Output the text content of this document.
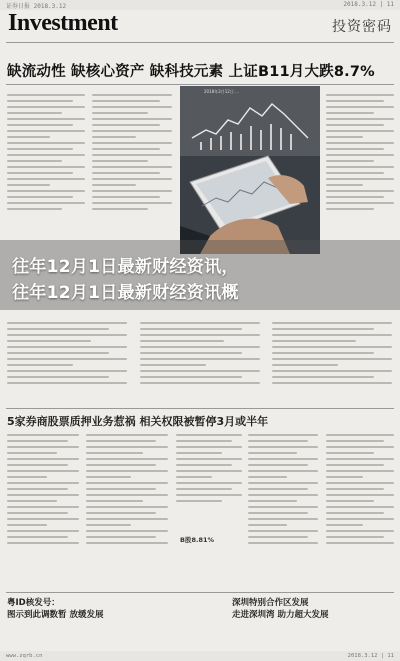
证券日报 2018.3.12	2018.3.12 | 11
Investment	投资密码
缺流动性 缺核心资产 缺科技元素 上证B11月大跌8.7%
2018年3月12日 ...
往年12月1日最新财经资讯，
往年12月1日最新财经资讯概
5家券商股票质押业务惹祸 相关权限被暂停3月或半年
B股8.81%
粤ID核发号：
图示到此调数暂 放缓发展
深圳特别合作区发展
走进深圳湾 助力超大发展
www.zqrb.cn	2018.3.12 | 11
